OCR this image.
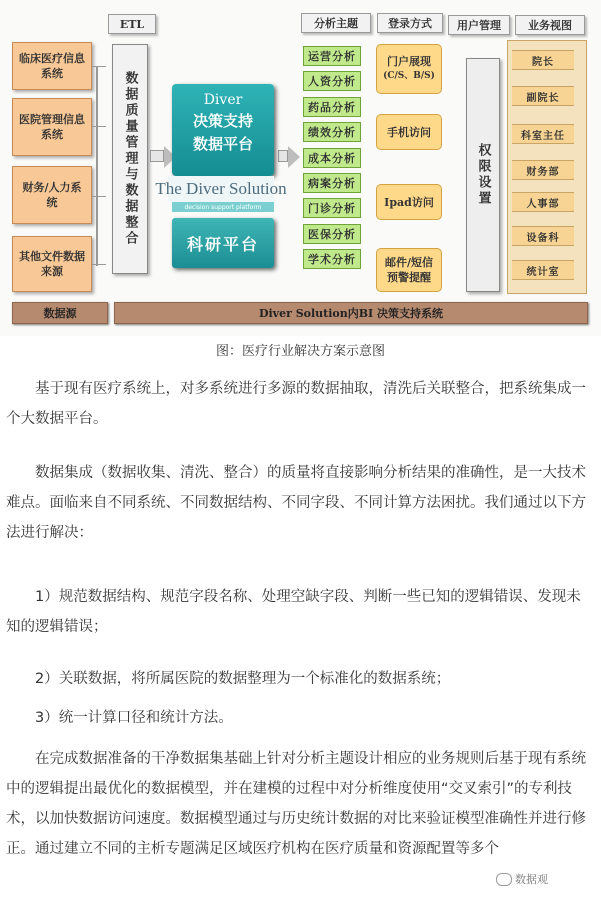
ETL	分析主题	登录方式	用户管理	业务视图
临床医疗信息系统
医院管理信息系统
财务/人力系统
其他文件数据来源
数据质量管理与数据整合	Diver
决策支持
数据平台
The Diver Solution
decision support platform
科研平台
运营分析
人资分析
药品分析
绩效分析
成本分析
病案分析
门诊分析
医保分析
学术分析
门户展现
(C/S、B/S)
手机访问
Ipad访问
邮件/短信
预警提醒
权限设置
院长
副院长
科室主任
财务部
人事部
设备科
统计室
数据源	Diver Solution内BI 决策支持系统
图：医疗行业解决方案示意图

基于现有医疗系统上，对多系统进行多源的数据抽取，清洗后关联整合，把系统集成一个大数据平台。

数据集成（数据收集、清洗、整合）的质量将直接影响分析结果的准确性，是一大技术难点。面临来自不同系统、不同数据结构、不同字段、不同计算方法困扰。我们通过以下方法进行解决：

1）规范数据结构、规范字段名称、处理空缺字段、判断一些已知的逻辑错误、发现未知的逻辑错误；

2）关联数据，将所属医院的数据整理为一个标准化的数据系统；

3）统一计算口径和统计方法。

在完成数据准备的干净数据集基础上针对分析主题设计相应的业务规则后基于现有系统中的逻辑提出最优化的数据模型，并在建模的过程中对分析维度使用“交叉索引”的专利技术，以加快数据访问速度。数据模型通过与历史统计数据的对比来验证模型准确性并进行修正。通过建立不同的主析专题满足区域医疗机构在医疗质量和资源配置等多个

数据观
